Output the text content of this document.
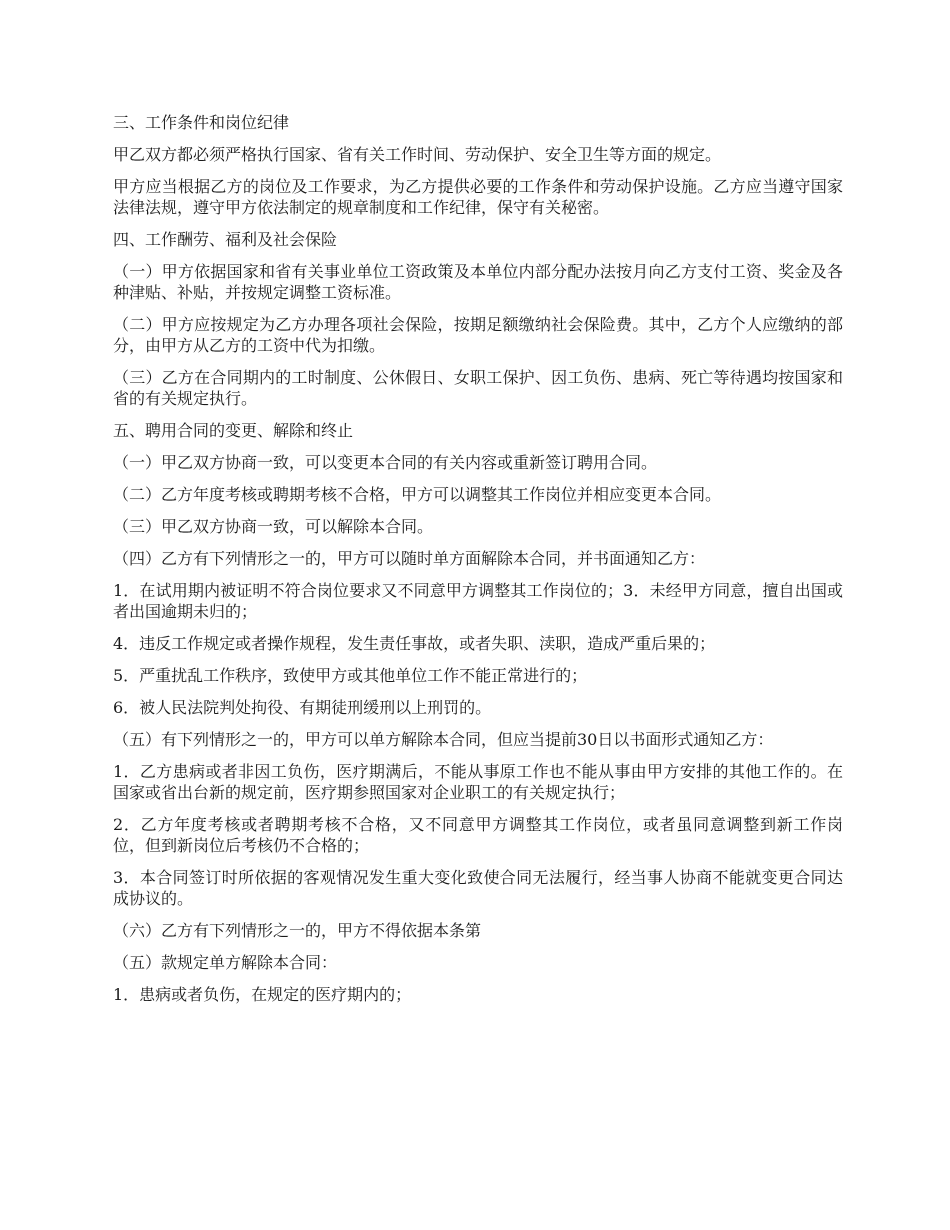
三、工作条件和岗位纪律

甲乙双方都必须严格执行国家、省有关工作时间、劳动保护、安全卫生等方面的规定。

甲方应当根据乙方的岗位及工作要求，为乙方提供必要的工作条件和劳动保护设施。乙方应当遵守国家法律法规，遵守甲方依法制定的规章制度和工作纪律，保守有关秘密。

四、工作酬劳、福利及社会保险

（一）甲方依据国家和省有关事业单位工资政策及本单位内部分配办法按月向乙方支付工资、奖金及各种津贴、补贴，并按规定调整工资标准。

（二）甲方应按规定为乙方办理各项社会保险，按期足额缴纳社会保险费。其中，乙方个人应缴纳的部分，由甲方从乙方的工资中代为扣缴。

（三）乙方在合同期内的工时制度、公休假日、女职工保护、因工负伤、患病、死亡等待遇均按国家和省的有关规定执行。

五、聘用合同的变更、解除和终止

（一）甲乙双方协商一致，可以变更本合同的有关内容或重新签订聘用合同。

（二）乙方年度考核或聘期考核不合格，甲方可以调整其工作岗位并相应变更本合同。

（三）甲乙双方协商一致，可以解除本合同。

（四）乙方有下列情形之一的，甲方可以随时单方面解除本合同，并书面通知乙方：

1．在试用期内被证明不符合岗位要求又不同意甲方调整其工作岗位的；3．未经甲方同意，擅自出国或者出国逾期未归的；

4．违反工作规定或者操作规程，发生责任事故，或者失职、渎职，造成严重后果的；

5．严重扰乱工作秩序，致使甲方或其他单位工作不能正常进行的；

6．被人民法院判处拘役、有期徒刑缓刑以上刑罚的。

（五）有下列情形之一的，甲方可以单方解除本合同，但应当提前30日以书面形式通知乙方：

1．乙方患病或者非因工负伤，医疗期满后，不能从事原工作也不能从事由甲方安排的其他工作的。在国家或省出台新的规定前，医疗期参照国家对企业职工的有关规定执行；

2．乙方年度考核或者聘期考核不合格，又不同意甲方调整其工作岗位，或者虽同意调整到新工作岗位，但到新岗位后考核仍不合格的；

3．本合同签订时所依据的客观情况发生重大变化致使合同无法履行，经当事人协商不能就变更合同达成协议的。

（六）乙方有下列情形之一的，甲方不得依据本条第

（五）款规定单方解除本合同：

1．患病或者负伤，在规定的医疗期内的；
